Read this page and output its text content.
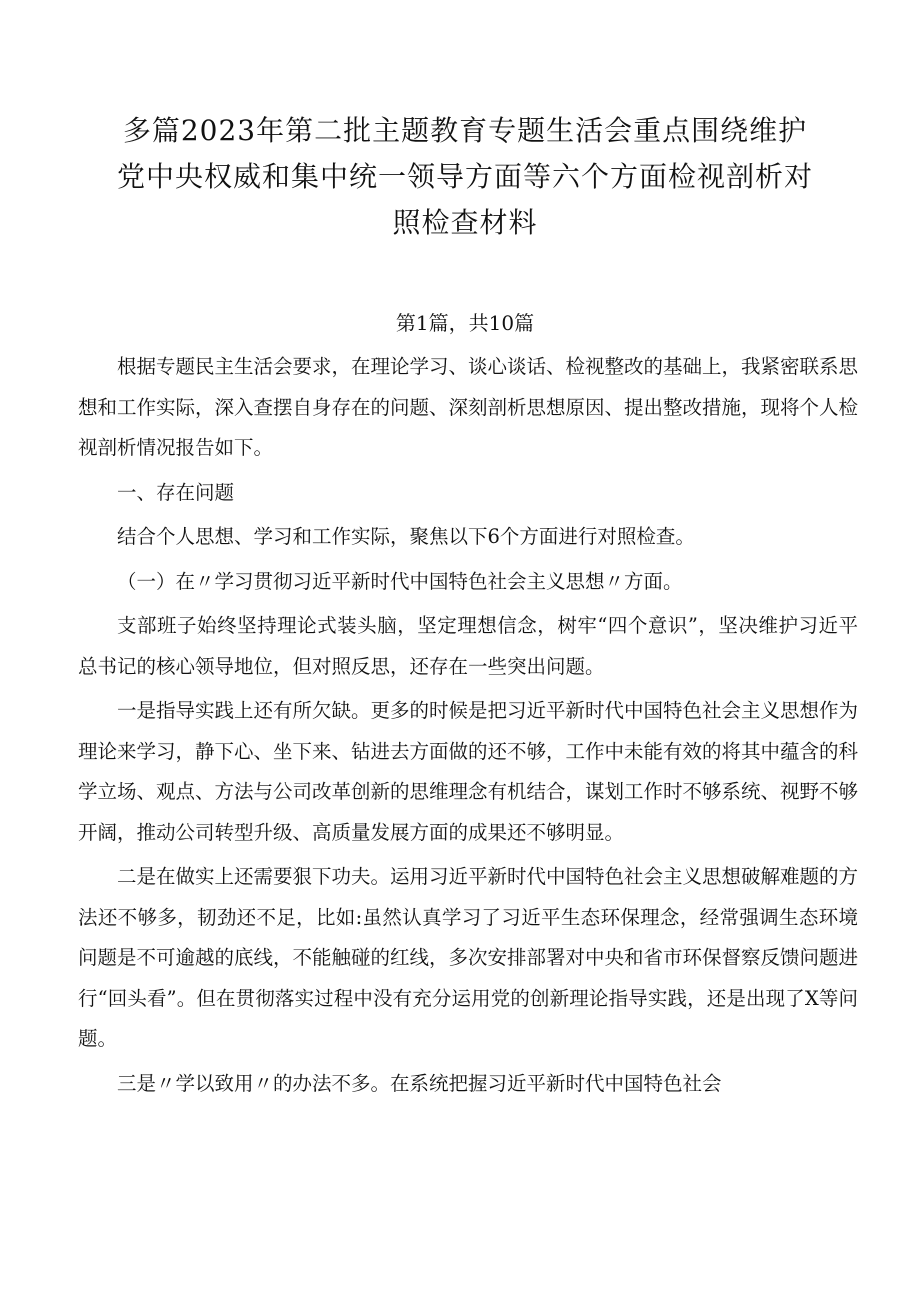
多篇2023年第二批主题教育专题生活会重点围绕维护
党中央权威和集中统一领导方面等六个方面检视剖析对
照检查材料
第1篇，共10篇

根据专题民主生活会要求，在理论学习、谈心谈话、检视整改的基础上，我紧密联系思想和工作实际，深入查摆自身存在的问题、深刻剖析思想原因、提出整改措施，现将个人检视剖析情况报告如下。

一、存在问题

结合个人思想、学习和工作实际，聚焦以下6个方面进行对照检查。

（一）在〃学习贯彻习近平新时代中国特色社会主义思想〃方面。

支部班子始终坚持理论式装头脑，坚定理想信念，树牢“四个意识”，坚决维护习近平总书记的核心领导地位，但对照反思，还存在一些突出问题。

一是指导实践上还有所欠缺。更多的时候是把习近平新时代中国特色社会主义思想作为理论来学习，静下心、坐下来、钻进去方面做的还不够，工作中未能有效的将其中蕴含的科学立场、观点、方法与公司改革创新的思维理念有机结合，谋划工作时不够系统、视野不够开阔，推动公司转型升级、高质量发展方面的成果还不够明显。

二是在做实上还需要狠下功夫。运用习近平新时代中国特色社会主义思想破解难题的方法还不够多，韧劲还不足，比如:虽然认真学习了习近平生态环保理念，经常强调生态环境问题是不可逾越的底线，不能触碰的红线，多次安排部署对中央和省市环保督察反馈问题进行“回头看”。但在贯彻落实过程中没有充分运用党的创新理论指导实践，还是出现了X等问题。

三是〃学以致用〃的办法不多。在系统把握习近平新时代中国特色社会
